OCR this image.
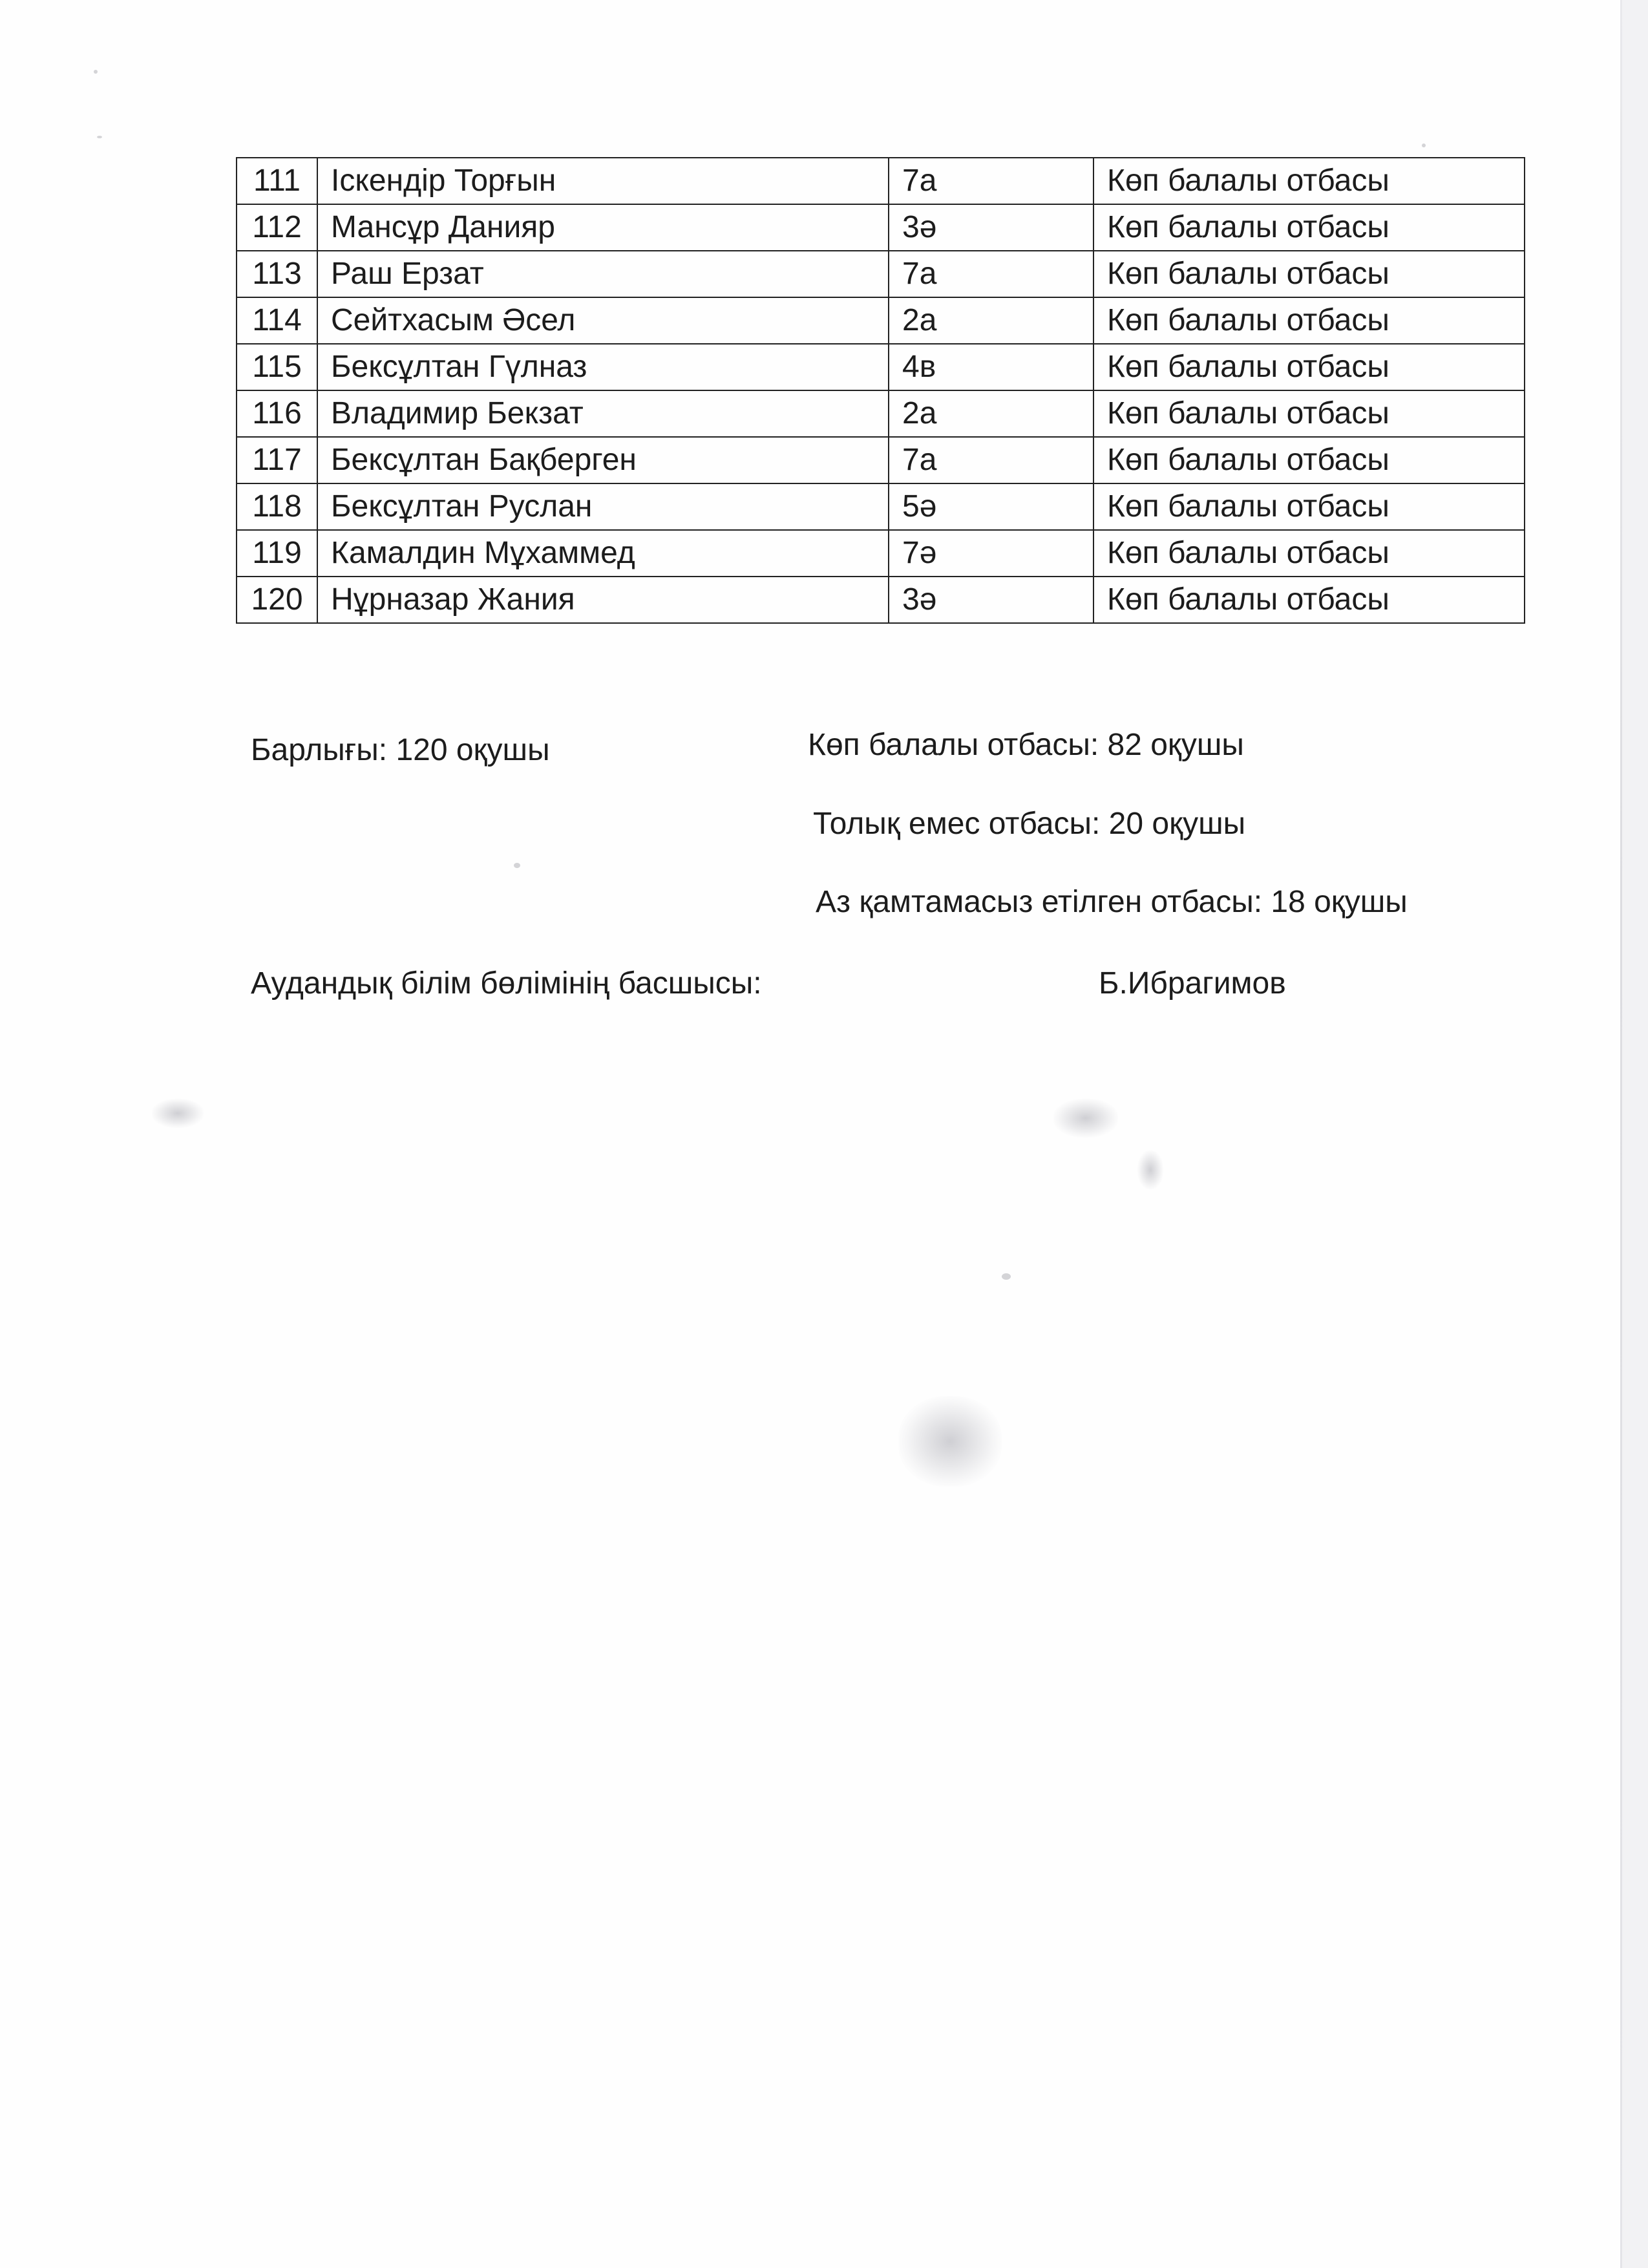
111	Іскендір Торғын	7а	Көп балалы отбасы
112	Мансұр Данияр	3ә	Көп балалы отбасы
113	Раш Ерзат	7а	Көп балалы отбасы
114	Сейтхасым Әсел	2а	Көп балалы отбасы
115	Бексұлтан Гүлназ	4в	Көп балалы отбасы
116	Владимир Бекзат	2а	Көп балалы отбасы
117	Бексұлтан Бақберген	7а	Көп балалы отбасы
118	Бексұлтан Руслан	5ә	Көп балалы отбасы
119	Камалдин Мұхаммед	7ә	Көп балалы отбасы
120	Нұрназар Жания	3ә	Көп балалы отбасы
Барлығы: 120 оқушы	Көп балалы отбасы: 82 оқушы
Толық емес отбасы: 20 оқушы
Аз қамтамасыз етілген отбасы: 18 оқушы
Аудандық білім бөлімінің басшысы:	Б.Ибрагимов
